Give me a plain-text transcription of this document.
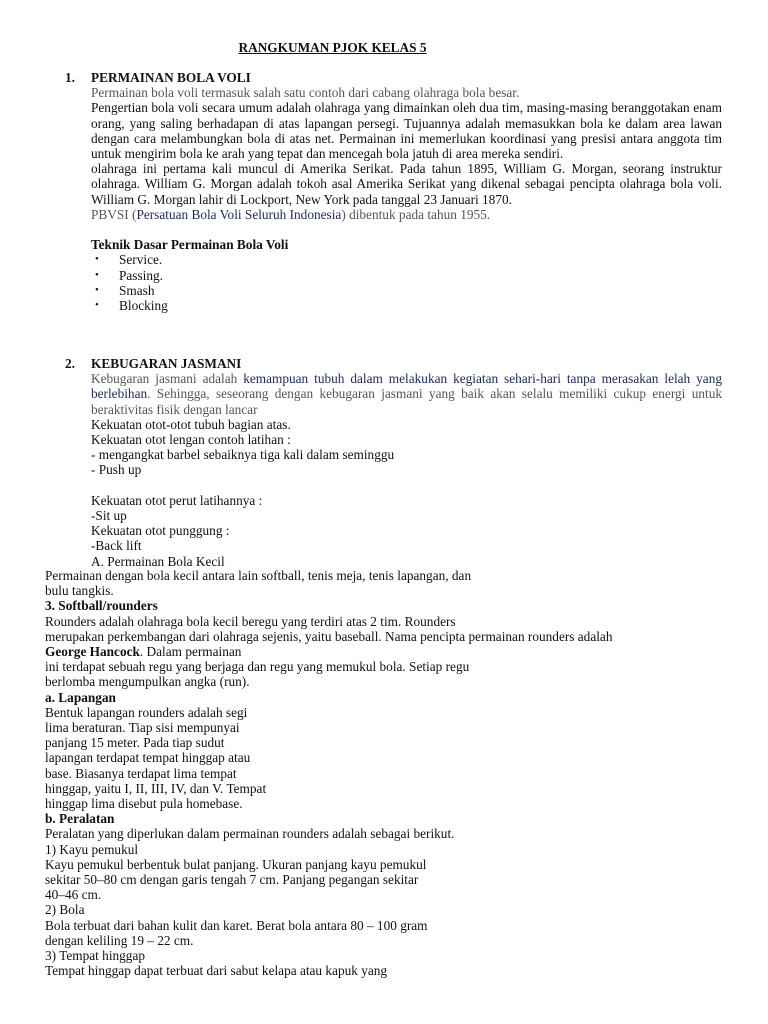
RANGKUMAN PJOK KELAS 5
1. PERMAINAN BOLA VOLI
Permainan bola voli termasuk salah satu contoh dari cabang olahraga bola besar.
Pengertian bola voli secara umum adalah olahraga yang dimainkan oleh dua tim, masing-masing beranggotakan enam orang, yang saling berhadapan di atas lapangan persegi. Tujuannya adalah memasukkan bola ke dalam area lawan dengan cara melambungkan bola di atas net. Permainan ini memerlukan koordinasi yang presisi antara anggota tim untuk mengirim bola ke arah yang tepat dan mencegah bola jatuh di area mereka sendiri.
olahraga ini pertama kali muncul di Amerika Serikat. Pada tahun 1895, William G. Morgan, seorang instruktur olahraga. William G. Morgan adalah tokoh asal Amerika Serikat yang dikenal sebagai pencipta olahraga bola voli. William G. Morgan lahir di Lockport, New York pada tanggal 23 Januari 1870.
PBVSI (Persatuan Bola Voli Seluruh Indonesia) dibentuk pada tahun 1955.
Teknik Dasar Permainan Bola Voli
• Service.
• Passing.
• Smash
• Blocking
2. KEBUGARAN JASMANI
Kebugaran jasmani adalah kemampuan tubuh dalam melakukan kegiatan sehari-hari tanpa merasakan lelah yang berlebihan. Sehingga, seseorang dengan kebugaran jasmani yang baik akan selalu memiliki cukup energi untuk beraktivitas fisik dengan lancar
Kekuatan otot-otot tubuh bagian atas.
Kekuatan otot lengan contoh latihan :
- mengangkat barbel sebaiknya tiga kali dalam seminggu
- Push up
Kekuatan otot perut latihannya :
-Sit up
Kekuatan otot punggung :
-Back lift
A. Permainan Bola Kecil
Permainan dengan bola kecil antara lain softball, tenis meja, tenis lapangan, dan
bulu tangkis.
3. Softball/rounders
Rounders adalah olahraga bola kecil beregu yang terdiri atas 2 tim. Rounders
merupakan perkembangan dari olahraga sejenis, yaitu baseball. Nama pencipta permainan rounders adalah
George Hancock. Dalam permainan
ini terdapat sebuah regu yang berjaga dan regu yang memukul bola. Setiap regu
berlomba mengumpulkan angka (run).
a. Lapangan
Bentuk lapangan rounders adalah segi
lima beraturan. Tiap sisi mempunyai
panjang 15 meter. Pada tiap sudut
lapangan terdapat tempat hinggap atau
base. Biasanya terdapat lima tempat
hinggap, yaitu I, II, III, IV, dan V. Tempat
hinggap lima disebut pula homebase.
b. Peralatan
Peralatan yang diperlukan dalam permainan rounders adalah sebagai berikut.
1) Kayu pemukul
Kayu pemukul berbentuk bulat panjang. Ukuran panjang kayu pemukul
sekitar 50–80 cm dengan garis tengah 7 cm. Panjang pegangan sekitar
40–46 cm.
2) Bola
Bola terbuat dari bahan kulit dan karet. Berat bola antara 80 – 100 gram
dengan keliling 19 – 22 cm.
3) Tempat hinggap
Tempat hinggap dapat terbuat dari sabut kelapa atau kapuk yang
